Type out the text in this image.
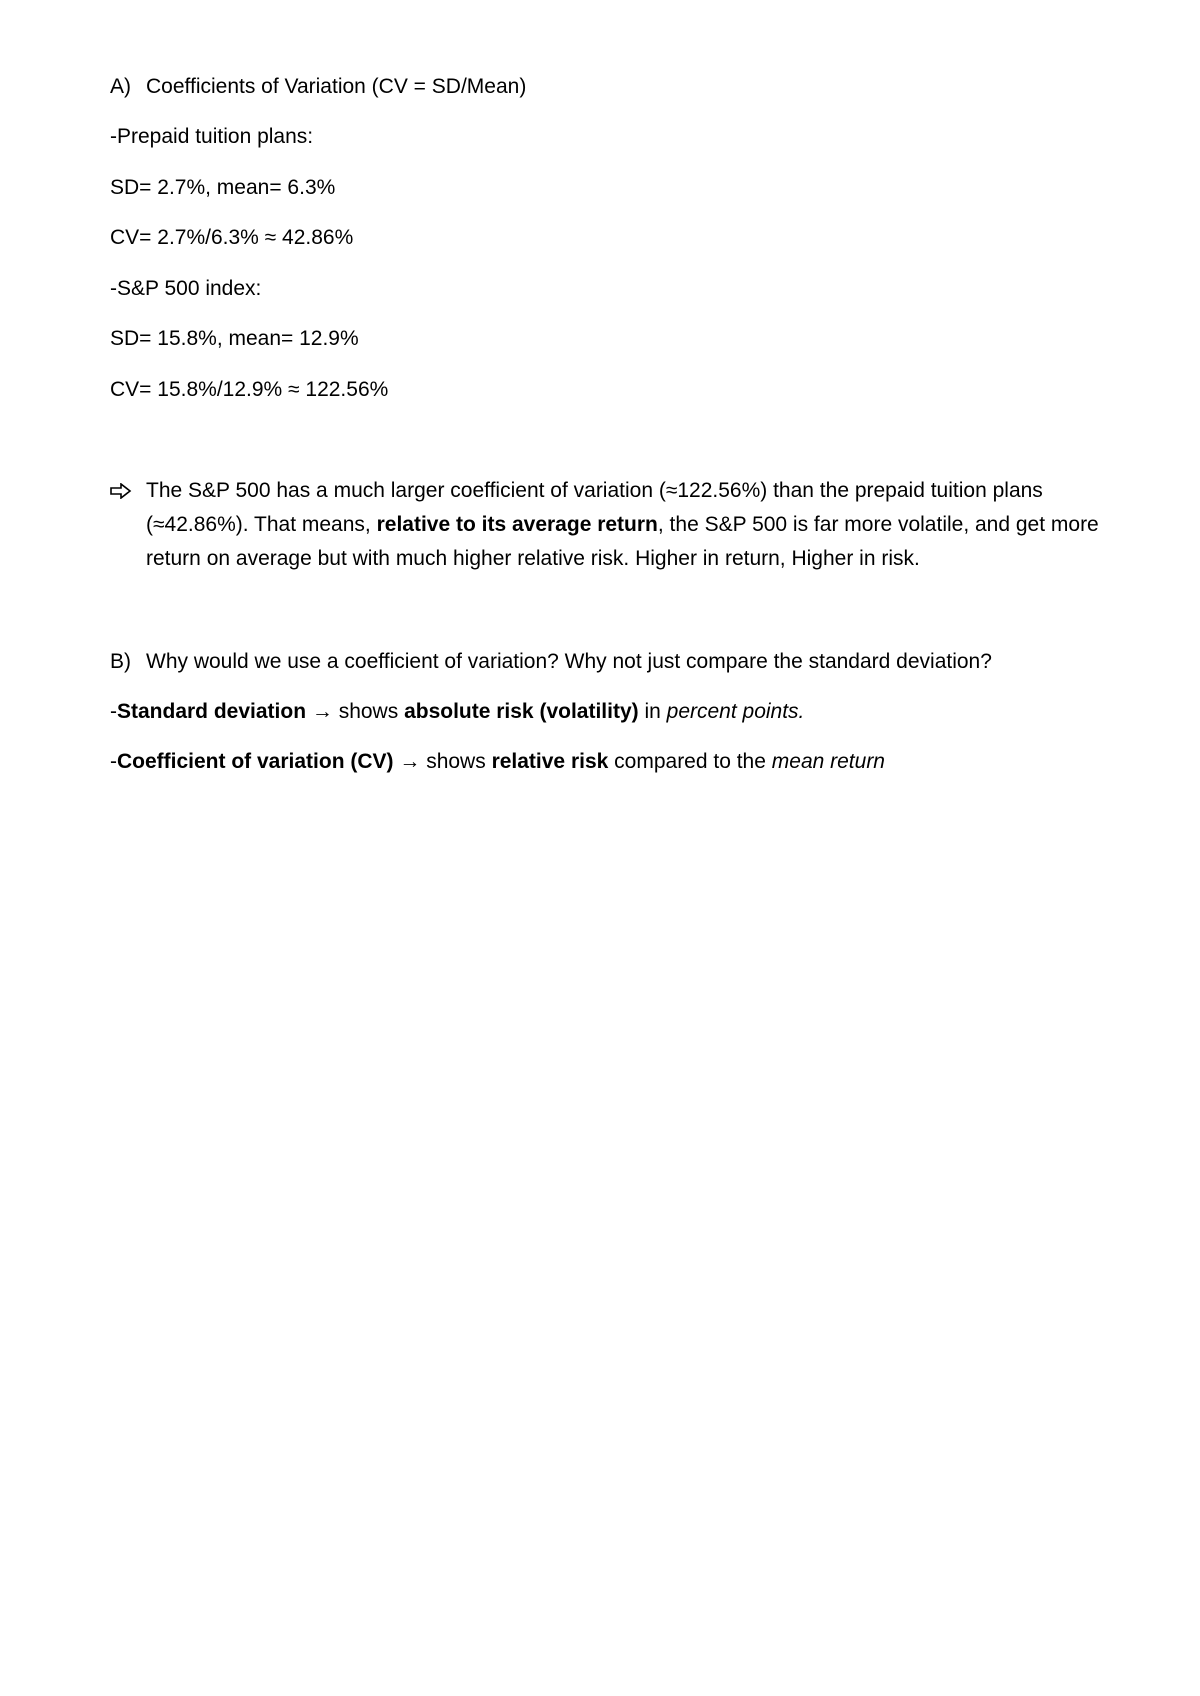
A) Coefficients of Variation (CV = SD/Mean)
-Prepaid tuition plans:
SD= 2.7%, mean= 6.3%
CV= 2.7%/6.3% ≈ 42.86%
-S&P 500 index:
SD= 15.8%, mean= 12.9%
CV= 15.8%/12.9% ≈ 122.56%
The S&P 500 has a much larger coefficient of variation (≈122.56%) than the prepaid tuition plans (≈42.86%). That means, relative to its average return, the S&P 500 is far more volatile, and get more return on average but with much higher relative risk. Higher in return, Higher in risk.
B) Why would we use a coefficient of variation? Why not just compare the standard deviation?
-Standard deviation → shows absolute risk (volatility) in percent points.
-Coefficient of variation (CV) → shows relative risk compared to the mean return
